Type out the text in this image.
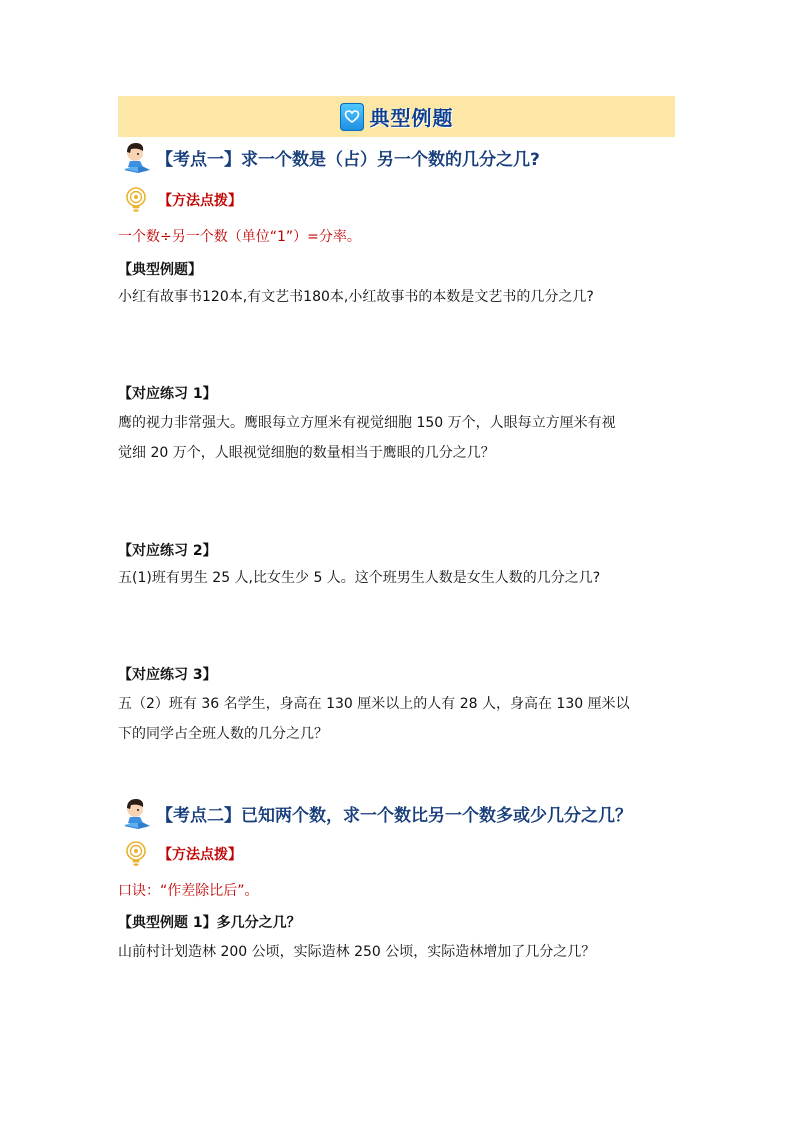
典型例题
【考点一】求一个数是（占）另一个数的几分之几?
【方法点拨】
一个数÷另一个数（单位“1”）=分率。
【典型例题】
小红有故事书120本,有文艺书180本,小红故事书的本数是文艺书的几分之几?
【对应练习 1】
鹰的视力非常强大。鹰眼每立方厘米有视觉细胞 150 万个，人眼每立方厘米有视
觉细 20 万个，人眼视觉细胞的数量相当于鹰眼的几分之几？
【对应练习 2】
五(1)班有男生 25 人,比女生少 5 人。这个班男生人数是女生人数的几分之几?
【对应练习 3】
五（2）班有 36 名学生，身高在 130 厘米以上的人有 28 人，身高在 130 厘米以
下的同学占全班人数的几分之几？
【考点二】已知两个数，求一个数比另一个数多或少几分之几？
【方法点拨】
口诀：“作差除比后”。
【典型例题 1】多几分之几？
山前村计划造林 200 公顷，实际造林 250 公顷，实际造林增加了几分之几？
